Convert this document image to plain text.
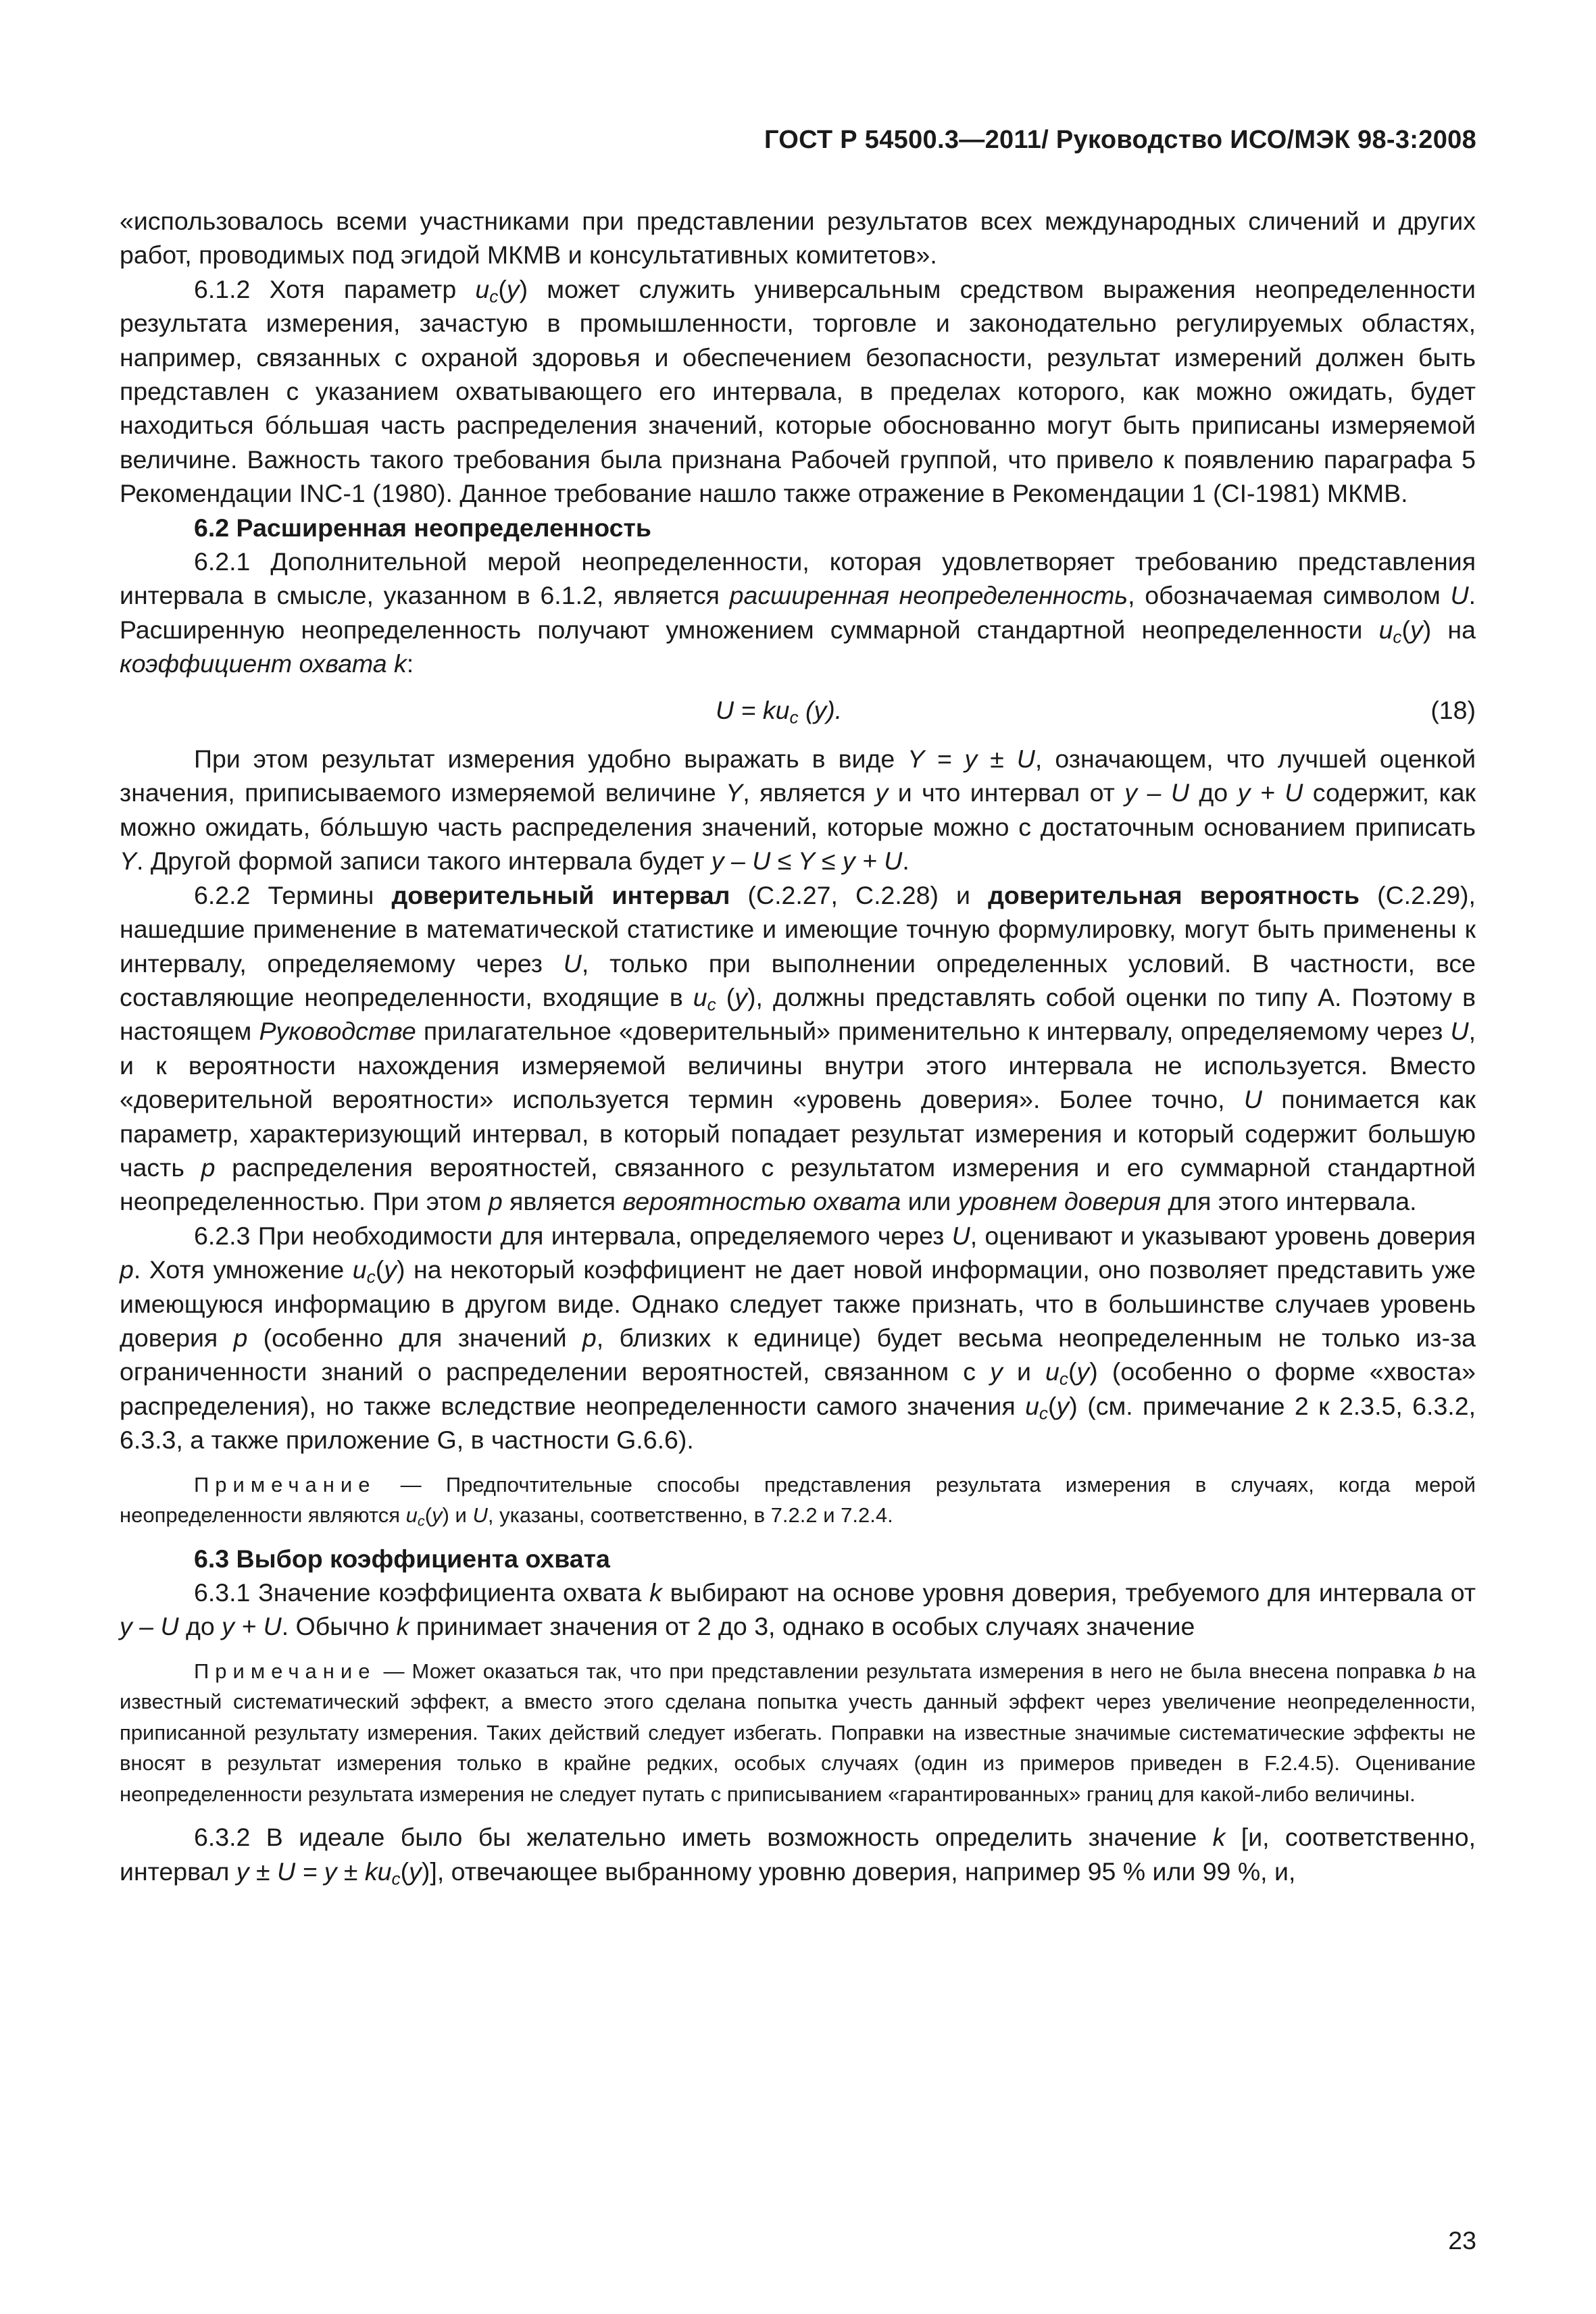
ГОСТ Р 54500.3—2011/ Руководство ИСО/МЭК 98-3:2008

«использовалось всеми участниками при представлении результатов всех международных сличений и других работ, проводимых под эгидой МКМВ и консультативных комитетов».

6.1.2 Хотя параметр $u_c(y)$ может служить универсальным средством выражения неопределенности результата измерения, зачастую в промышленности, торговле и законодательно регулируемых областях, например, связанных с охраной здоровья и обеспечением безопасности, результат измерений должен быть представлен с указанием охватывающего его интервала, в пределах которого, как можно ожидать, будет находиться бóльшая часть распределения значений, которые обоснованно могут быть приписаны измеряемой величине. Важность такого требования была признана Рабочей группой, что привело к появлению параграфа 5 Рекомендации INC-1 (1980). Данное требование нашло также отражение в Рекомендации 1 (CI-1981) МКМВ.

6.2 Расширенная неопределенность

6.2.1 Дополнительной мерой неопределенности, которая удовлетворяет требованию представления интервала в смысле, указанном в 6.1.2, является расширенная неопределенность, обозначаемая символом U. Расширенную неопределенность получают умножением суммарной стандартной неопределенности $u_c(y)$ на коэффициент охвата k:

$U = ku_c$ (y).	(18)

При этом результат измерения удобно выражать в виде Y = y ± U, означающем, что лучшей оценкой значения, приписываемого измеряемой величине Y, является y и что интервал от y – U до y + U содержит, как можно ожидать, бóльшую часть распределения значений, которые можно с достаточным основанием приписать Y. Другой формой записи такого интервала будет y – U ≤ Y ≤ y + U.

6.2.2 Термины доверительный интервал (С.2.27, С.2.28) и доверительная вероятность (С.2.29), нашедшие применение в математической статистике и имеющие точную формулировку, могут быть применены к интервалу, определяемому через U, только при выполнении определенных условий. В частности, все составляющие неопределенности, входящие в $u_c$ (y), должны представлять собой оценки по типу А. Поэтому в настоящем Руководстве прилагательное «доверительный» применительно к интервалу, определяемому через U, и к вероятности нахождения измеряемой величины внутри этого интервала не используется. Вместо «доверительной вероятности» используется термин «уровень доверия». Более точно, U понимается как параметр, характеризующий интервал, в который попадает результат измерения и который содержит большую часть p распределения вероятностей, связанного с результатом измерения и его суммарной стандартной неопределенностью. При этом p является вероятностью охвата или уровнем доверия для этого интервала.

6.2.3 При необходимости для интервала, определяемого через U, оценивают и указывают уровень доверия p. Хотя умножение $u_c(y)$ на некоторый коэффициент не дает новой информации, оно позволяет представить уже имеющуюся информацию в другом виде. Однако следует также признать, что в большинстве случаев уровень доверия p (особенно для значений p, близких к единице) будет весьма неопределенным не только из-за ограниченности знаний о распределении вероятностей, связанном с y и $u_c(y)$ (особенно о форме «хвоста» распределения), но также вследствие неопределенности самого значения $u_c(y)$ (см. примечание 2 к 2.3.5, 6.3.2, 6.3.3, а также приложение G, в частности G.6.6).

Примечание — Предпочтительные способы представления результата измерения в случаях, когда мерой неопределенности являются $u_c(y)$ и U, указаны, соответственно, в 7.2.2 и 7.2.4.

6.3 Выбор коэффициента охвата

6.3.1 Значение коэффициента охвата k выбирают на основе уровня доверия, требуемого для интервала от y – U до y + U. Обычно k принимает значения от 2 до 3, однако в особых случаях значение

Примечание — Может оказаться так, что при представлении результата измерения в него не была внесена поправка b на известный систематический эффект, а вместо этого сделана попытка учесть данный эффект через увеличение неопределенности, приписанной результату измерения. Таких действий следует избегать. Поправки на известные значимые систематические эффекты не вносят в результат измерения только в крайне редких, особых случаях (один из примеров приведен в F.2.4.5). Оценивание неопределенности результата измерения не следует путать с приписыванием «гарантированных» границ для какой-либо величины.

6.3.2 В идеале было бы желательно иметь возможность определить значение k [и, соответственно, интервал $y \pm U = y \pm ku_c(y)$], отвечающее выбранному уровню доверия, например 95 % или 99 %, и,

23
